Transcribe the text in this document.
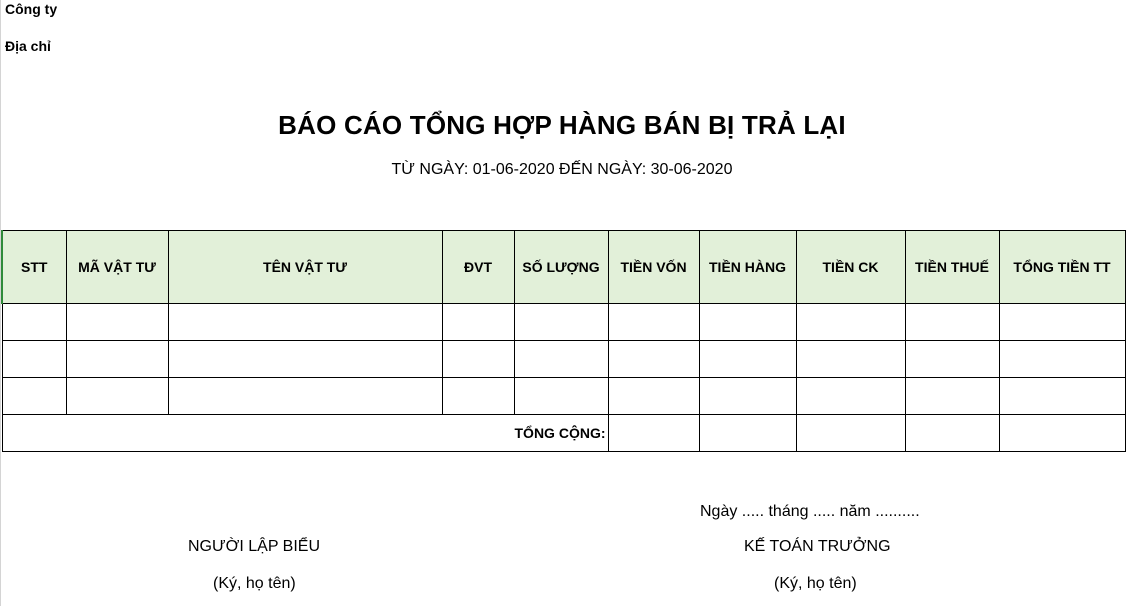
Công ty
Địa chỉ
BÁO CÁO TỔNG HỢP HÀNG BÁN BỊ TRẢ LẠI
TỪ NGÀY: 01-06-2020 ĐẾN NGÀY: 30-06-2020
STT	MÃ VẬT TƯ	TÊN VẬT TƯ	ĐVT	SỐ LƯỢNG	TIỀN VỐN	TIỀN HÀNG	TIỀN CK	TIỀN THUẾ	TỔNG TIỀN TT

TỔNG CỘNG:									
Ngày ..... tháng ..... năm ..........
NGƯỜI LẬP BIỂU
(Ký, họ tên)
KẾ TOÁN TRƯỞNG
(Ký, họ tên)
